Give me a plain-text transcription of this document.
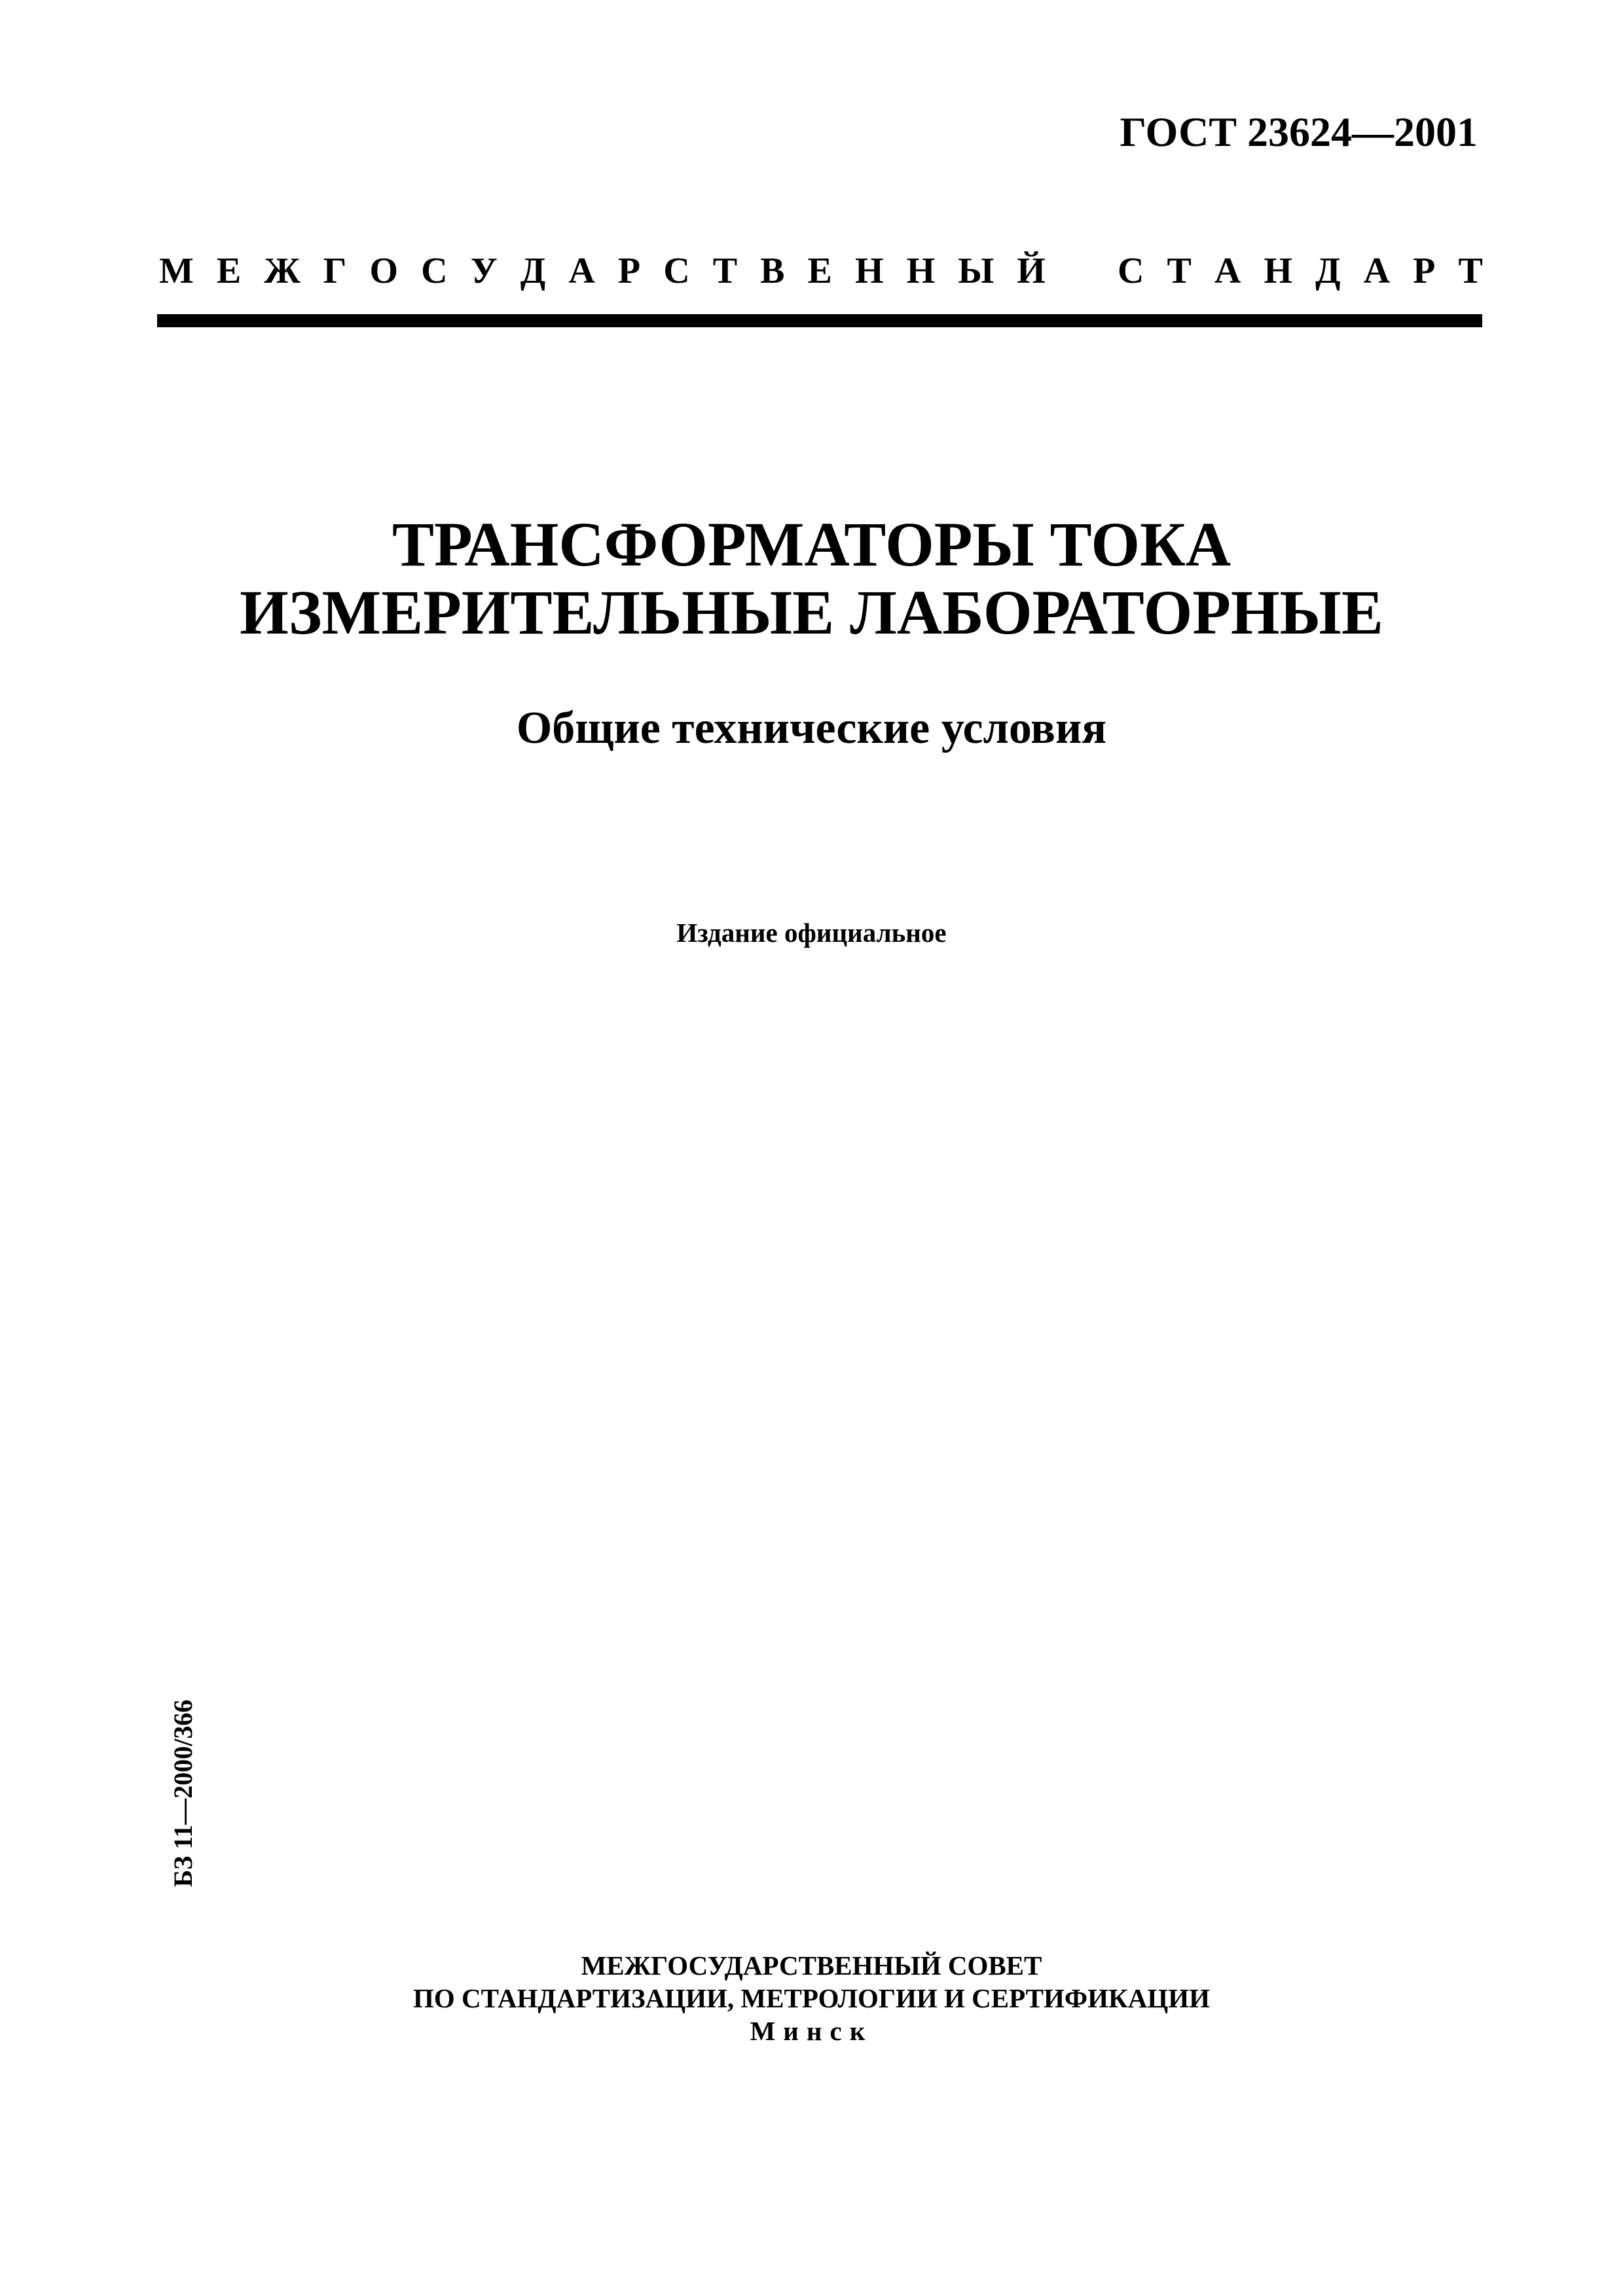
ГОСТ 23624—2001
М Е Ж Г О С У Д А Р С Т В Е Н Н Ы Й С Т А Н Д А Р Т
ТРАНСФОРМАТОРЫ ТОКА
ИЗМЕРИТЕЛЬНЫЕ ЛАБОРАТОРНЫЕ
Общие технические условия
Издание официальное
БЗ 11—2000/366
МЕЖГОСУДАРСТВЕННЫЙ СОВЕТ
ПО СТАНДАРТИЗАЦИИ, МЕТРОЛОГИИ И СЕРТИФИКАЦИИ
Минск
